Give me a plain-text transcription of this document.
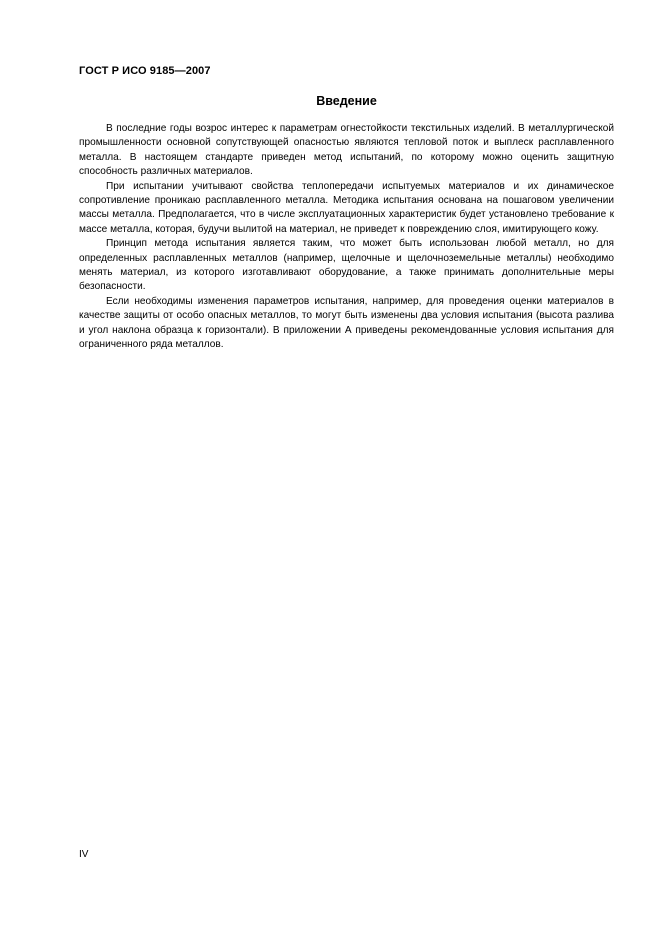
ГОСТ Р ИСО 9185—2007
Введение

В последние годы возрос интерес к параметрам огнестойкости текстильных изделий. В металлургической промышленности основной сопутствующей опасностью являются тепловой поток и выплеск расплавленного металла. В настоящем стандарте приведен метод испытаний, по которому можно оценить защитную способность различных материалов.

При испытании учитывают свойства теплопередачи испытуемых материалов и их динамическое сопротивление проникаю расплавленного металла. Методика испытания основана на пошаговом увеличении массы металла. Предполагается, что в числе эксплуатационных характеристик будет установлено требование к массе металла, которая, будучи вылитой на материал, не приведет к повреждению слоя, имитирующего кожу.

Принцип метода испытания является таким, что может быть использован любой металл, но для определенных расплавленных металлов (например, щелочные и щелочноземельные металлы) необходимо менять материал, из которого изготавливают оборудование, а также принимать дополнительные меры безопасности.

Если необходимы изменения параметров испытания, например, для проведения оценки материалов в качестве защиты от особо опасных металлов, то могут быть изменены два условия испытания (высота разлива и угол наклона образца к горизонтали). В приложении А приведены рекомендованные условия испытания для ограниченного ряда металлов.

IV
